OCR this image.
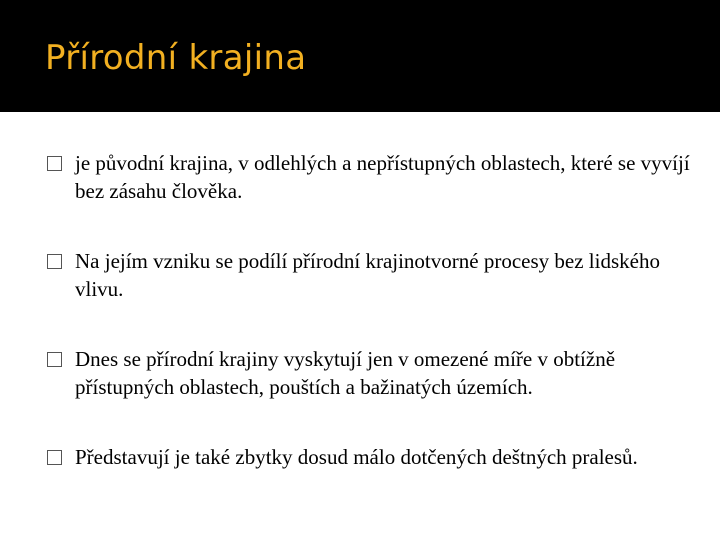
Přírodní krajina
je původní krajina, v odlehlých a nepřístupných oblastech, které se vyvíjí bez zásahu člověka.
Na jejím vzniku se podílí přírodní krajinotvorné procesy bez lidského vlivu.
Dnes se přírodní krajiny vyskytují jen v omezené míře v obtížně přístupných oblastech, pouštích a bažinatých územích.
Představují je také zbytky dosud málo dotčených deštných pralesů.
